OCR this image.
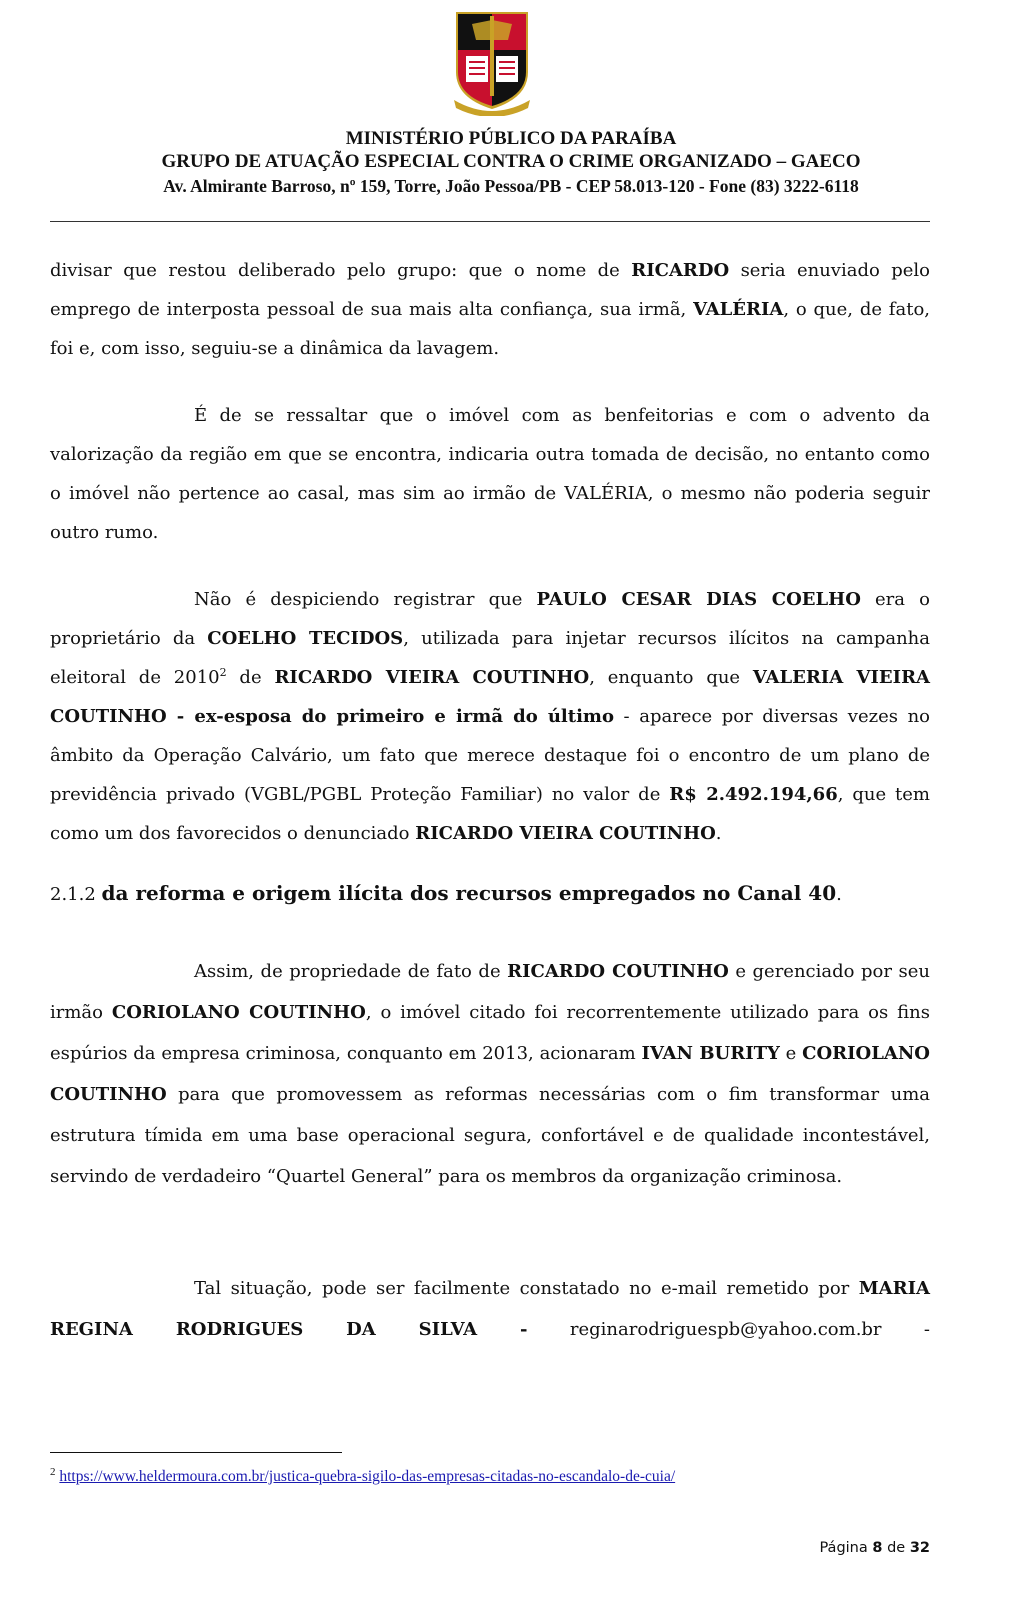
MINISTÉRIO PÚBLICO DA PARAÍBA
GRUPO DE ATUAÇÃO ESPECIAL CONTRA O CRIME ORGANIZADO – GAECO
Av. Almirante Barroso, nº 159, Torre, João Pessoa/PB - CEP 58.013-120 - Fone (83) 3222-6118

divisar que restou deliberado pelo grupo: que o nome de RICARDO seria enuviado pelo emprego de interposta pessoal de sua mais alta confiança, sua irmã, VALÉRIA, o que, de fato, foi e, com isso, seguiu-se a dinâmica da lavagem.

É de se ressaltar que o imóvel com as benfeitorias e com o advento da valorização da região em que se encontra, indicaria outra tomada de decisão, no entanto como o imóvel não pertence ao casal, mas sim ao irmão de VALÉRIA, o mesmo não poderia seguir outro rumo.

Não é despiciendo registrar que PAULO CESAR DIAS COELHO era o proprietário da COELHO TECIDOS, utilizada para injetar recursos ilícitos na campanha eleitoral de 2010$^2$ de RICARDO VIEIRA COUTINHO, enquanto que VALERIA VIEIRA COUTINHO - ex-esposa do primeiro e irmã do último - aparece por diversas vezes no âmbito da Operação Calvário, um fato que merece destaque foi o encontro de um plano de previdência privado (VGBL/PGBL Proteção Familiar) no valor de R$ 2.492.194,66, que tem como um dos favorecidos o denunciado RICARDO VIEIRA COUTINHO.

2.1.2 da reforma e origem ilícita dos recursos empregados no Canal 40.

Assim, de propriedade de fato de RICARDO COUTINHO e gerenciado por seu irmão CORIOLANO COUTINHO, o imóvel citado foi recorrentemente utilizado para os fins espúrios da empresa criminosa, conquanto em 2013, acionaram IVAN BURITY e CORIOLANO COUTINHO para que promovessem as reformas necessárias com o fim transformar uma estrutura tímida em uma base operacional segura, confortável e de qualidade incontestável, servindo de verdadeiro “Quartel General” para os membros da organização criminosa.

Tal situação, pode ser facilmente constatado no e-mail remetido por MARIA REGINA RODRIGUES DA SILVA - reginarodriguespb@yahoo.com.br -

$^2$ https://www.heldermoura.com.br/justica-quebra-sigilo-das-empresas-citadas-no-escandalo-de-cuia/
Página 8 de 32
